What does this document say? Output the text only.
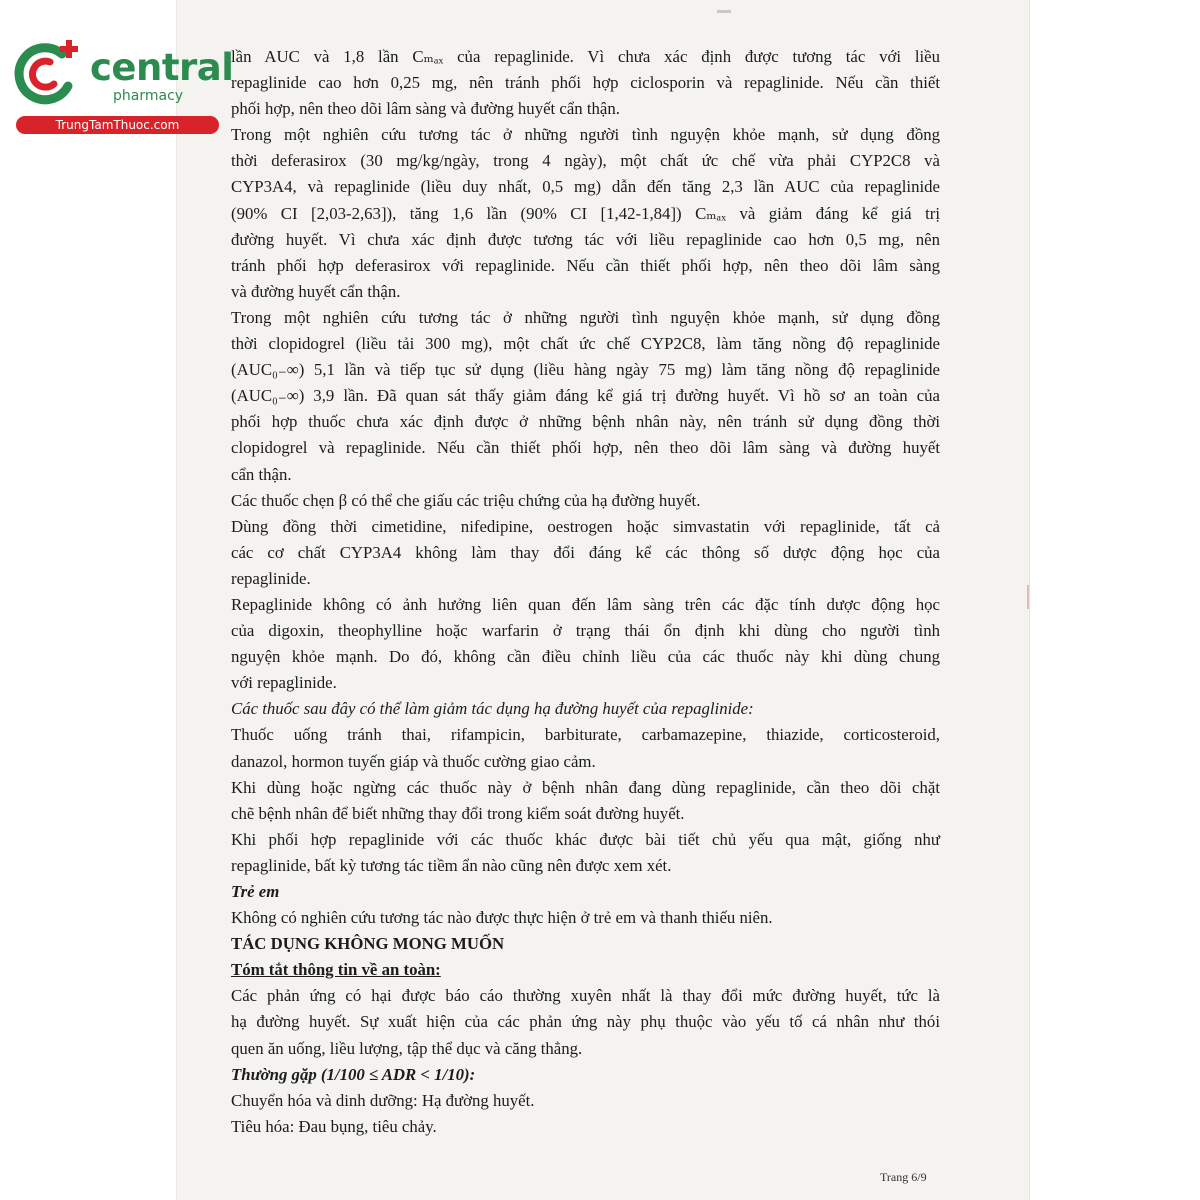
central
pharmacy
TrungTamThuoc.com
lần AUC và 1,8 lần Cₘₐₓ của repaglinide. Vì chưa xác định được tương tác với liều
repaglinide cao hơn 0,25 mg, nên tránh phối hợp ciclosporin và repaglinide. Nếu cần thiết
phối hợp, nên theo dõi lâm sàng và đường huyết cẩn thận.
Trong một nghiên cứu tương tác ở những người tình nguyện khỏe mạnh, sử dụng đồng
thời deferasirox (30 mg/kg/ngày, trong 4 ngày), một chất ức chế vừa phải CYP2C8 và
CYP3A4, và repaglinide (liều duy nhất, 0,5 mg) dẫn đến tăng 2,3 lần AUC của repaglinide
(90% CI [2,03-2,63]), tăng 1,6 lần (90% CI [1,42-1,84]) Cₘₐₓ và giảm đáng kể giá trị
đường huyết. Vì chưa xác định được tương tác với liều repaglinide cao hơn 0,5 mg, nên
tránh phối hợp deferasirox với repaglinide. Nếu cần thiết phối hợp, nên theo dõi lâm sàng
và đường huyết cẩn thận.
Trong một nghiên cứu tương tác ở những người tình nguyện khỏe mạnh, sử dụng đồng
thời clopidogrel (liều tải 300 mg), một chất ức chế CYP2C8, làm tăng nồng độ repaglinide
(AUC₀₋∞) 5,1 lần và tiếp tục sử dụng (liều hàng ngày 75 mg) làm tăng nồng độ repaglinide
(AUC₀₋∞) 3,9 lần. Đã quan sát thấy giảm đáng kể giá trị đường huyết. Vì hồ sơ an toàn của
phối hợp thuốc chưa xác định được ở những bệnh nhân này, nên tránh sử dụng đồng thời
clopidogrel và repaglinide. Nếu cần thiết phối hợp, nên theo dõi lâm sàng và đường huyết
cẩn thận.
Các thuốc chẹn β có thể che giấu các triệu chứng của hạ đường huyết.
Dùng đồng thời cimetidine, nifedipine, oestrogen hoặc simvastatin với repaglinide, tất cả
các cơ chất CYP3A4 không làm thay đổi đáng kể các thông số dược động học của
repaglinide.
Repaglinide không có ảnh hưởng liên quan đến lâm sàng trên các đặc tính dược động học
của digoxin, theophylline hoặc warfarin ở trạng thái ổn định khi dùng cho người tình
nguyện khỏe mạnh. Do đó, không cần điều chỉnh liều của các thuốc này khi dùng chung
với repaglinide.
Các thuốc sau đây có thể làm giảm tác dụng hạ đường huyết của repaglinide:
Thuốc uống tránh thai, rifampicin, barbiturate, carbamazepine, thiazide, corticosteroid,
danazol, hormon tuyến giáp và thuốc cường giao cảm.
Khi dùng hoặc ngừng các thuốc này ở bệnh nhân đang dùng repaglinide, cần theo dõi chặt
chẽ bệnh nhân để biết những thay đổi trong kiểm soát đường huyết.
Khi phối hợp repaglinide với các thuốc khác được bài tiết chủ yếu qua mật, giống như
repaglinide, bất kỳ tương tác tiềm ẩn nào cũng nên được xem xét.
Trẻ em
Không có nghiên cứu tương tác nào được thực hiện ở trẻ em và thanh thiếu niên.
TÁC DỤNG KHÔNG MONG MUỐN
Tóm tắt thông tin về an toàn:
Các phản ứng có hại được báo cáo thường xuyên nhất là thay đổi mức đường huyết, tức là
hạ đường huyết. Sự xuất hiện của các phản ứng này phụ thuộc vào yếu tố cá nhân như thói
quen ăn uống, liều lượng, tập thể dục và căng thẳng.
Thường gặp (1/100 ≤ ADR < 1/10):
Chuyển hóa và dinh dưỡng: Hạ đường huyết.
Tiêu hóa: Đau bụng, tiêu chảy.
Trang 6/9
